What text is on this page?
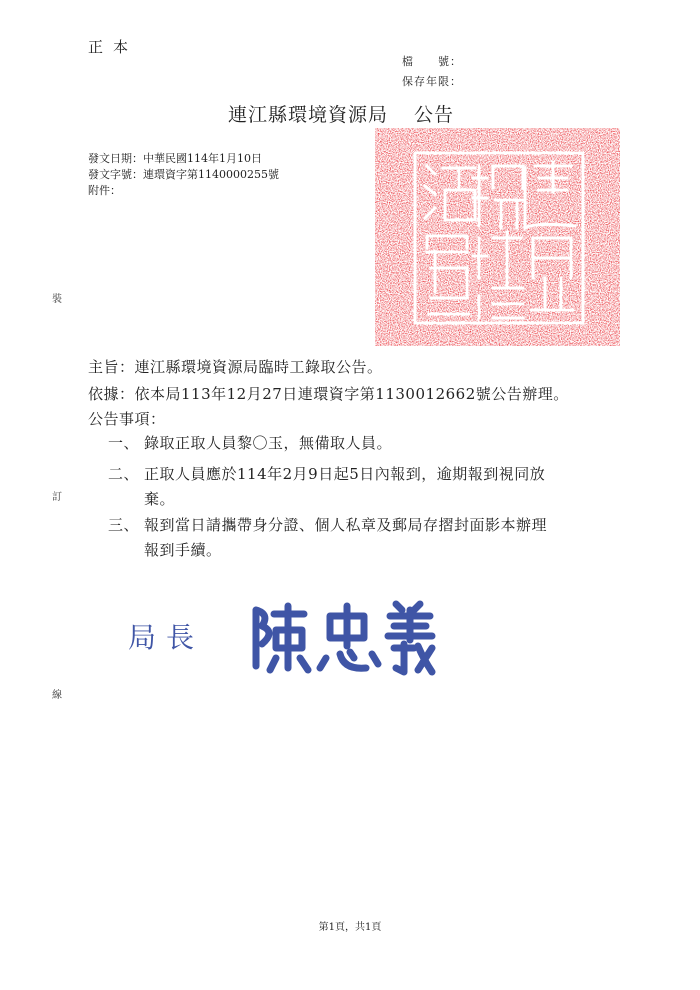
正本
檔　　號：
保存年限：
連江縣環境資源局 公告
發文日期：中華民國114年1月10日
發文字號：連環資字第1140000255號
附件：
裝
訂
線
主旨：連江縣環境資源局臨時工錄取公告。
依據：依本局113年12月27日連環資字第1130012662號公告辦理。
公告事項：
一、 錄取正取人員黎〇玉，無備取人員。
二、 正取人員應於114年2月9日起5日內報到，逾期報到視同放
棄。
三、 報到當日請攜帶身分證、個人私章及郵局存摺封面影本辦理
報到手續。
局長
第1頁，共1頁
